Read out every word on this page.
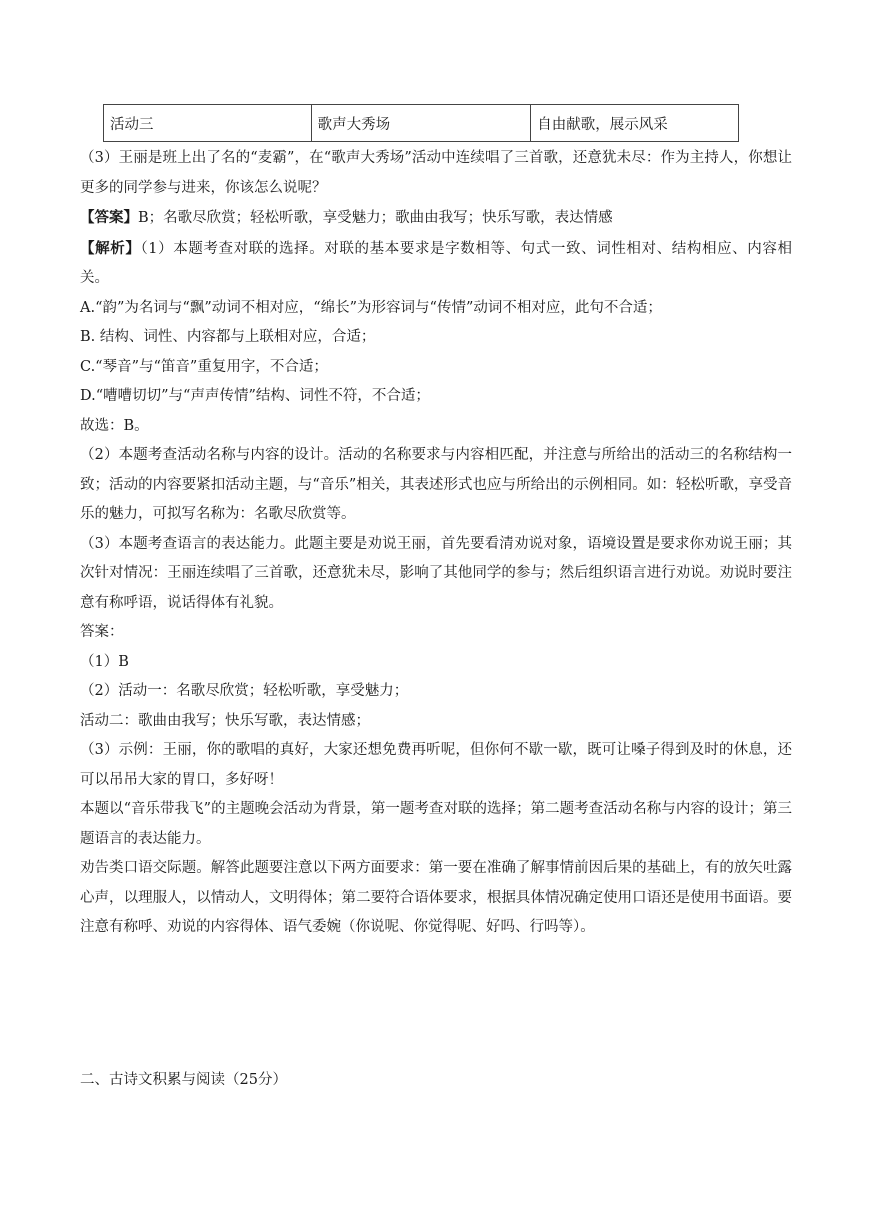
活动三	歌声大秀场	自由献歌，展示风采

（3）王丽是班上出了名的“麦霸”，在“歌声大秀场”活动中连续唱了三首歌，还意犹未尽：作为主持人，你想让更多的同学参与进来，你该怎么说呢？

【答案】B；名歌尽欣赏；轻松听歌，享受魅力；歌曲由我写；快乐写歌，表达情感

【解析】（1）本题考查对联的选择。对联的基本要求是字数相等、句式一致、词性相对、结构相应、内容相关。

A.“韵”为名词与“飘”动词不相对应，“绵长”为形容词与“传情”动词不相对应，此句不合适；

B. 结构、词性、内容都与上联相对应，合适；

C.“琴音”与“笛音”重复用字，不合适；

D.“嘈嘈切切”与“声声传情”结构、词性不符，不合适；

故选：B。

（2）本题考查活动名称与内容的设计。活动的名称要求与内容相匹配，并注意与所给出的活动三的名称结构一致；活动的内容要紧扣活动主题，与“音乐”相关，其表述形式也应与所给出的示例相同。如：轻松听歌，享受音乐的魅力，可拟写名称为：名歌尽欣赏等。

（3）本题考查语言的表达能力。此题主要是劝说王丽，首先要看清劝说对象，语境设置是要求你劝说王丽；其次针对情况：王丽连续唱了三首歌，还意犹未尽，影响了其他同学的参与；然后组织语言进行劝说。劝说时要注意有称呼语，说话得体有礼貌。

答案：

（1）B

（2）活动一：名歌尽欣赏；轻松听歌，享受魅力；

活动二：歌曲由我写；快乐写歌，表达情感；

（3）示例：王丽，你的歌唱的真好，大家还想免费再听呢，但你何不歇一歇，既可让嗓子得到及时的休息，还可以吊吊大家的胃口，多好呀！

本题以“音乐带我飞”的主题晚会活动为背景，第一题考查对联的选择；第二题考查活动名称与内容的设计；第三题语言的表达能力。

劝告类口语交际题。解答此题要注意以下两方面要求：第一要在准确了解事情前因后果的基础上，有的放矢吐露心声，以理服人，以情动人，文明得体；第二要符合语体要求，根据具体情况确定使用口语还是使用书面语。要注意有称呼、劝说的内容得体、语气委婉（你说呢、你觉得呢、好吗、行吗等）。

二、古诗文积累与阅读（25分）
